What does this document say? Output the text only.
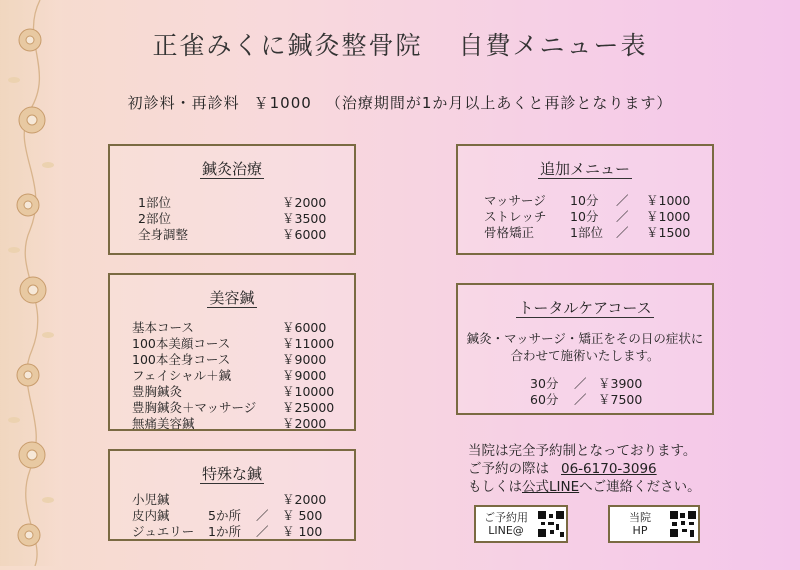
正雀みくに鍼灸整骨院 自費メニュー表
初診料・再診料 ￥1000 （治療期間が1か月以上あくと再診となります）
鍼灸治療
1部位	￥2000
2部位	￥3500
全身調整	￥6000
美容鍼
基本コース	￥6000
100本美顔コース	￥11000
100本全身コース	￥9000
フェイシャル＋鍼	￥9000
豊胸鍼灸	￥10000
豊胸鍼灸＋マッサージ ￥25000
無痛美容鍼	￥2000
特殊な鍼
小児鍼	￥2000
皮内鍼	5か所 ／ ￥ 500
ジュエリー 1か所 ／ ￥ 100
追加メニュー
マッサージ 10分 ／ ￥1000
ストレッチ 10分 ／ ￥1000
骨格矯正	1部位 ／ ￥1500
トータルケアコース
鍼灸・マッサージ・矯正をその日の症状に
合わせて施術いたします。
30分 ／ ￥3900
60分 ／ ￥7500
当院は完全予約制となっております。
ご予約の際は 06-6170-3096
もしくは公式LINEへご連絡ください。
ご予約用
LINE@
当院
HP
